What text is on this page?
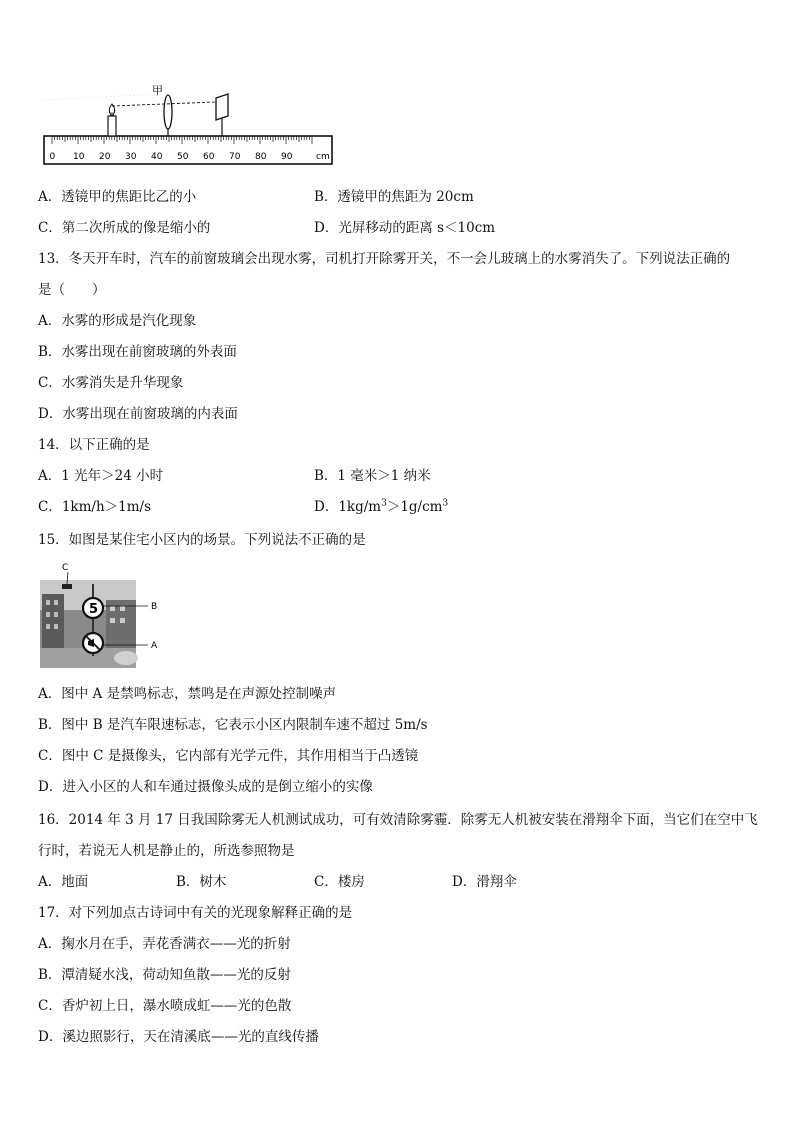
0 10 20 30 40 50 60 70 80 90	cm
甲
A．透镜甲的焦距比乙的小	B．透镜甲的焦距为 20cm
C．第二次所成的像是缩小的	D．光屏移动的距离 s＜10cm
13．冬天开车时，汽车的前窗玻璃会出现水雾，司机打开除雾开关，不一会儿玻璃上的水雾消失了。下列说法正确的
是（　　）
A．水雾的形成是汽化现象
B．水雾出现在前窗玻璃的外表面
C．水雾消失是升华现象
D．水雾出现在前窗玻璃的内表面
14．以下正确的是
A．1 光年＞24 小时	B．1 毫米＞1 纳米
C．1km/h＞1m/s	D．$1kg/m^3>1g/cm^3$
15．如图是某住宅小区内的场景。下列说法不正确的是
C
5	B
A
A．图中 A 是禁鸣标志，禁鸣是在声源处控制噪声
B．图中 B 是汽车限速标志，它表示小区内限制车速不超过 5m/s
C．图中 C 是摄像头，它内部有光学元件，其作用相当于凸透镜
D．进入小区的人和车通过摄像头成的是倒立缩小的实像
16．2014 年 3 月 17 日我国除雾无人机测试成功，可有效清除雾霾．除雾无人机被安装在滑翔伞下面，当它们在空中飞
行时，若说无人机是静止的，所选参照物是
A．地面	B．树木	C．楼房	D．滑翔伞
17．对下列加点古诗词中有关的光现象解释正确的是
A．掬水月在手，弄花香满衣——光的折射
B．潭清疑水浅，荷动知鱼散——光的反射
C．香炉初上日，瀑水喷成虹——光的色散
D．溪边照影行，天在清溪底——光的直线传播
